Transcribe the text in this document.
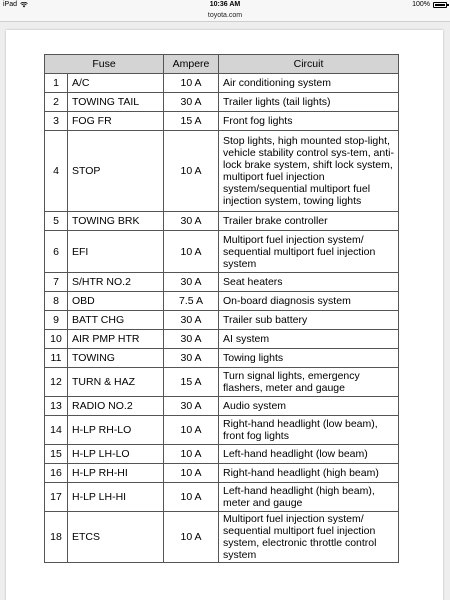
iPad	10:36 AM	100%
toyota.com
Fuse		Ampere	Circuit
1	A/C	10 A	Air conditioning system
2	TOWING TAIL	30 A	Trailer lights (tail lights)
3	FOG FR	15 A	Front fog lights
4	STOP	10 A	Stop lights, high mounted stop-light, vehicle stability control sys-tem, anti-lock brake system, shift lock system, multiport fuel injection system/sequential multiport fuel injection system, towing lights
5	TOWING BRK	30 A	Trailer brake controller
6	EFI	10 A	Multiport fuel injection system/ sequential multiport fuel injection system
7	S/HTR NO.2	30 A	Seat heaters
8	OBD	7.5 A	On-board diagnosis system
9	BATT CHG	30 A	Trailer sub battery
10	AIR PMP HTR	30 A	AI system
11	TOWING	30 A	Towing lights
12	TURN & HAZ	15 A	Turn signal lights, emergency flashers, meter and gauge
13	RADIO NO.2	30 A	Audio system
14	H-LP RH-LO	10 A	Right-hand headlight (low beam), front fog lights
15	H-LP LH-LO	10 A	Left-hand headlight (low beam)
16	H-LP RH-HI	10 A	Right-hand headlight (high beam)
17	H-LP LH-HI	10 A	Left-hand headlight (high beam), meter and gauge
18	ETCS	10 A	Multiport fuel injection system/ sequential multiport fuel injection system, electronic throttle control system
